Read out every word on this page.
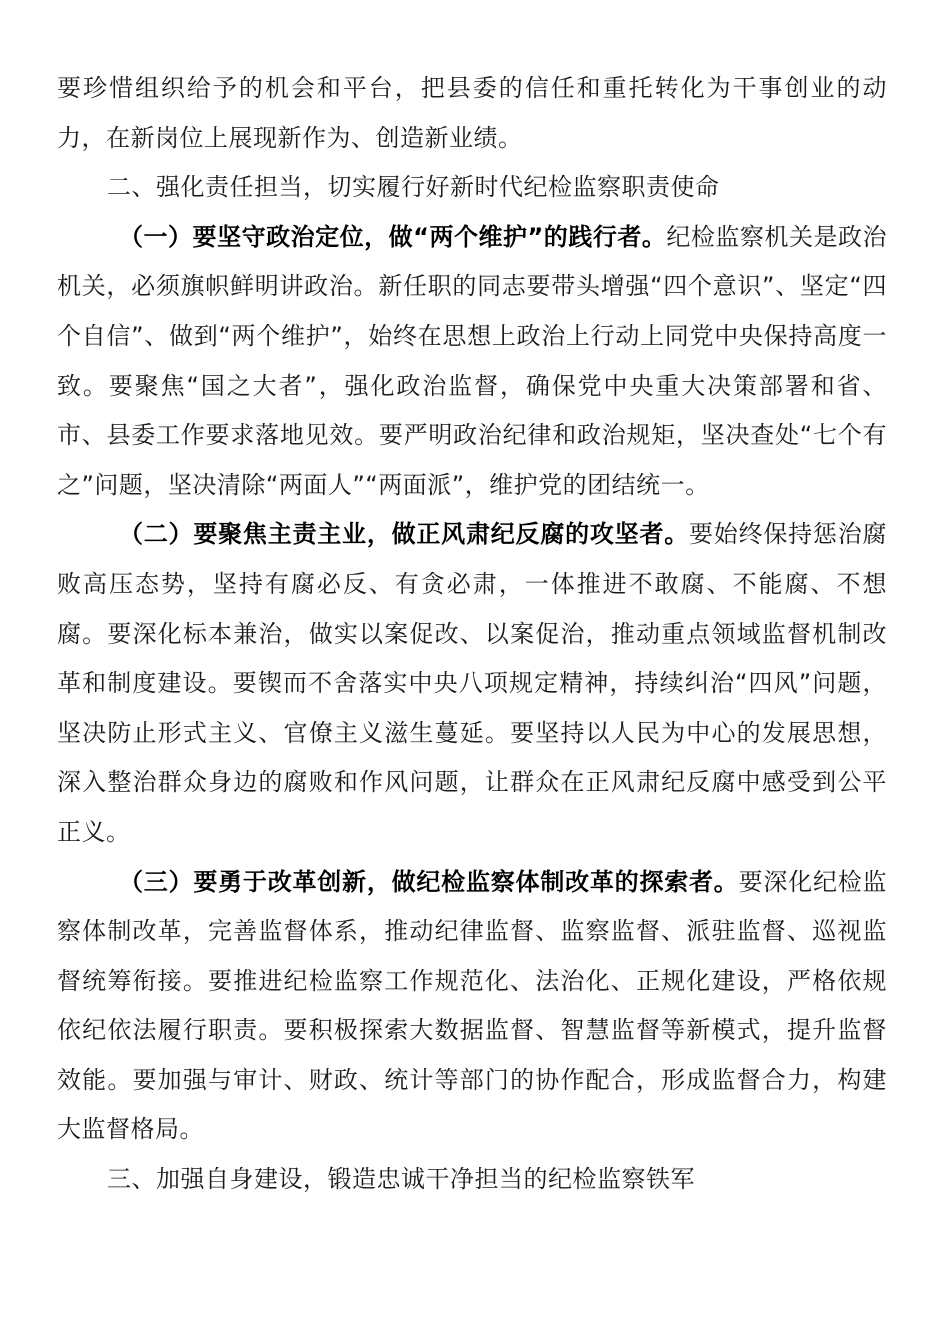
要珍惜组织给予的机会和平台，把县委的信任和重托转化为干事创业的动力，在新岗位上展现新作为、创造新业绩。

二、强化责任担当，切实履行好新时代纪检监察职责使命

（一）要坚守政治定位，做“两个维护”的践行者。纪检监察机关是政治机关，必须旗帜鲜明讲政治。新任职的同志要带头增强“四个意识”、坚定“四个自信”、做到“两个维护”，始终在思想上政治上行动上同党中央保持高度一致。要聚焦“国之大者”，强化政治监督，确保党中央重大决策部署和省、市、县委工作要求落地见效。要严明政治纪律和政治规矩，坚决查处“七个有之”问题，坚决清除“两面人”“两面派”，维护党的团结统一。

（二）要聚焦主责主业，做正风肃纪反腐的攻坚者。要始终保持惩治腐败高压态势，坚持有腐必反、有贪必肃，一体推进不敢腐、不能腐、不想腐。要深化标本兼治，做实以案促改、以案促治，推动重点领域监督机制改革和制度建设。要锲而不舍落实中央八项规定精神，持续纠治“四风”问题，坚决防止形式主义、官僚主义滋生蔓延。要坚持以人民为中心的发展思想，深入整治群众身边的腐败和作风问题，让群众在正风肃纪反腐中感受到公平正义。

（三）要勇于改革创新，做纪检监察体制改革的探索者。要深化纪检监察体制改革，完善监督体系，推动纪律监督、监察监督、派驻监督、巡视监督统筹衔接。要推进纪检监察工作规范化、法治化、正规化建设，严格依规依纪依法履行职责。要积极探索大数据监督、智慧监督等新模式，提升监督效能。要加强与审计、财政、统计等部门的协作配合，形成监督合力，构建大监督格局。

三、加强自身建设，锻造忠诚干净担当的纪检监察铁军
